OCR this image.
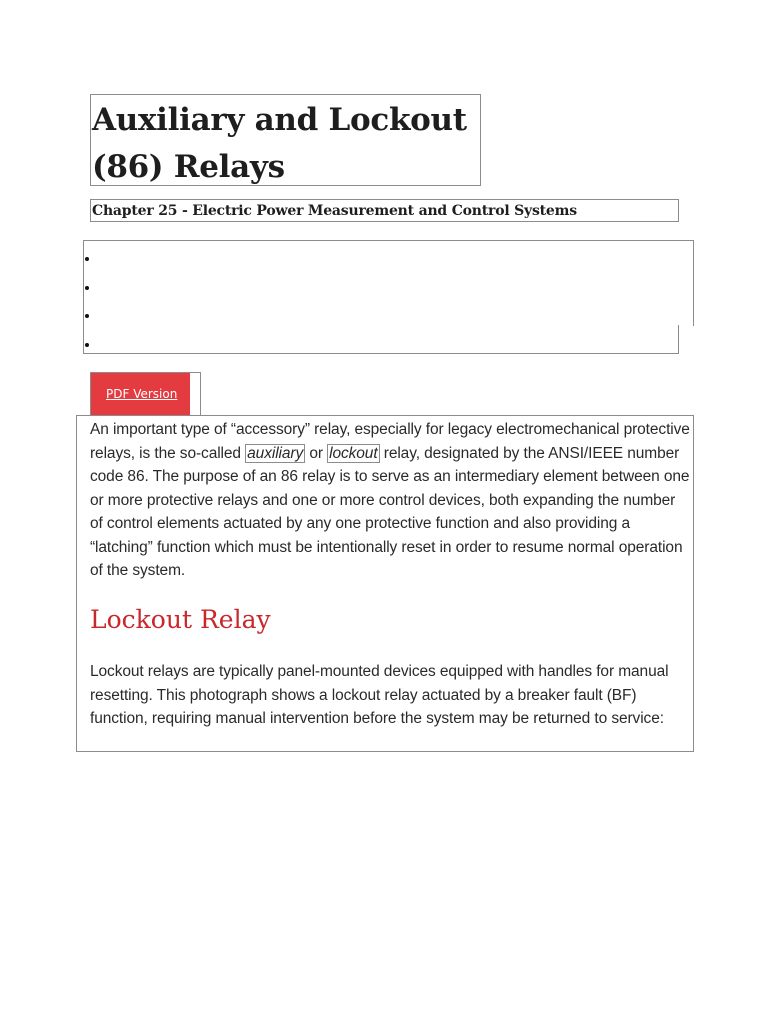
Auxiliary and Lockout (86) Relays
Chapter 25 - Electric Power Measurement and Control Systems
PDF Version

An important type of “accessory” relay, especially for legacy electromechanical protective relays, is the so-called auxiliary or lockout relay, designated by the ANSI/IEEE number code 86. The purpose of an 86 relay is to serve as an intermediary element between one or more protective relays and one or more control devices, both expanding the number of control elements actuated by any one protective function and also providing a “latching” function which must be intentionally reset in order to resume normal operation of the system.

Lockout Relay

Lockout relays are typically panel-mounted devices equipped with handles for manual resetting. This photograph shows a lockout relay actuated by a breaker fault (BF) function, requiring manual intervention before the system may be returned to service:
